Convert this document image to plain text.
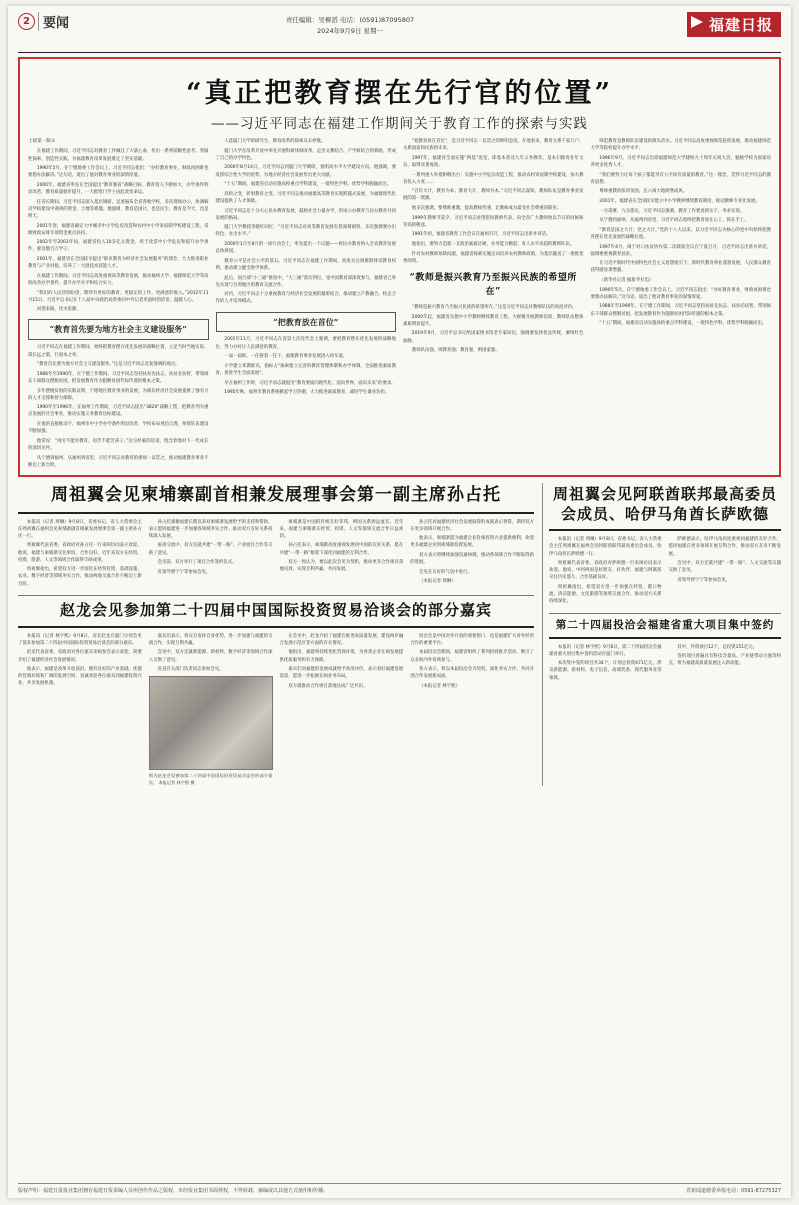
2	要闻	责任编辑：吴柳滔 电话：(0591)87095807
2024年9月9日 星期一	福建日报
“真正把教育摆在先行官的位置”
——习近平同志在福建工作期间关于教育工作的探索与实践
上接第一版①

在福建工作期间，习近平同志对教育工作倾注了大量心血，作出一系列前瞻性思考、突破性探索、创造性实践，为福建教育改革发展奠定了坚实基础。

1990年5月，在宁德地委工作会议上，习近平同志指出：“办好教育事业，财政再困难也要想办法解决。”这句话，道出了他对教育事业的深情厚爱。

2000年，福建省率先在全国提出“教育强省”战略目标，教育投入不断加大，办学条件明显改善，教育质量稳步提升，一大批寒门学子由此改变命运。

任省长期间，习近平同志深入基层调研，足迹遍布全省各地学校，多次现场办公，协调解决学校建设中遇到的资金、土地等难题。他强调，教育是国计，也是民生；教育是今天，也是明天。

2001年春，福建省确定大中城市中小学危房改造和农村中小学寄宿制学校建设工程，省级财政安排专项资金重点扶持。

2002年至2003年间，福建省投入10多亿元资金，用于改造中小学危房和提升办学条件，惠及数百万学子。

2001年，福建省在全国较早提出“职业教育为经济社会发展服务”的理念，大力推进职业教育与产业对接，培养了一大批技术技能人才。

在福建工作期间，习近平同志高度重视高等教育发展，推动福州大学、福建师范大学等高校改善办学条件，提升办学水平和综合实力。

“我们的人民热切盼望，期待有更好的教育、更稳定的工作、更满意的收入。”2012年11月15日，习近平总书记在十八届中央政治局常委同中外记者见面时的话语，温暖人心。

回望来路，饮水思源。

“教育首先要为地方社会主义建设服务”

习近平同志在福建工作期间，始终把教育摆在优先发展的战略位置，立足当时当地实际，谋长远之策，行固本之举。

“教育首先要为地方社会主义建设服务。”这是习近平同志反复强调的观点。

1988年至1990年，在宁德工作期间，习近平同志坚持扶贫先扶志、扶贫必扶智，带领闽东干部群众摆脱贫困，把发展教育作为阻断贫困代际传递的根本之策。

多年摆脱贫困的实践证明，宁德地区教育事业的发展，为闽东经济社会发展提供了强有力的人才支撑和智力保障。

1990年至1996年，在福州工作期间，习近平同志提出“3820”战略工程，把教育列为重点发展的社会事业，推动实施义务教育达标建设。

在他的直接推动下，福州市中小学办学条件明显改善，学校布局更趋合理，师资队伍建设不断加强。

他常说：“再穷不能穷教育，再苦不能苦孩子。”这句朴素的话语，饱含着他对下一代成长的深切关怀。

从宁德到福州，从福州到省里，习近平同志对教育的重视一以贯之，推动福建教育事业不断迈上新台阶。

人选厦门大学的研究生，教育改革的探索从未停歇。

厦门大学在改革开放中率先开展科研体制改革，走出文教结合、产学研结合的新路，形成了自己的办学特色。

2000年8月14日，习近平同志到厦门大学调研，指明高水平大学建设方向。他强调，要发挥综合性大学的优势，为地方经济社会发展作出更大贡献。

“十五”期间，福建省启动实施高校重点学科建设，一批特色学科、优势学科脱颖而出。

高校之变，折射教育之变。习近平同志推动福建高等教育实现跨越式发展，为福建现代化建设提供了人才保障。

习近平同志还十分关心民办教育发展，鼓励社会力量办学，形成公办教育与民办教育共同发展的格局。

厦门大学教授李晓红回忆：“习近平同志对高等教育发展有着深刻洞察，多次强调要办出特色、办出水平。”

2000年1月至8月的一场行动会上，率先提出一个议题——将民办教育纳入全省教育发展总体规划。

教育公平是社会公平的基石。习近平同志在福建工作期间，高度关注困难群体受教育权利，推动建立健全助学体系。

此后，国合部“小三通”推进中，“大三通”落实到位，受中国教育部深度参与，福建省已率先实现与台湾地区的教育交流合作。

对内，习近平同志十分重视教育与经济社会发展的紧密结合，推动建立产教融合、校企合作的人才培养模式。

“把教育放在首位”

2001年11月，习近平同志在省第七次党代会上强调，要把教育摆在优先发展的战略地位，努力办好让人民满意的教育。

一届一届抓，一任接着一任干，福建教育事业发展进入快车道。

小学建立邓教职员，指标占“探索建立完善的教育管理体制和办学体制，全面推进素质教育，促进学生全面发展”。

早在福州工作时，习近平同志就提出“教育要面向现代化、面向世界、面向未来”的要求。

1995年秋，福州市教育系统掀起学习热潮，大力推进素质教育，减轻学生课业负担。

“把教育放在首位”，是习近平同志一以贯之的鲜明态度。在他看来，教育关系千家万户，关系国家和民族的未来。

1997年，福建省全面实施“两基”攻坚，即基本普及九年义务教育、基本扫除青壮年文盲，取得显著成效。

一系列重大举措相继出台：实施中小学危房改造工程，推动农村寄宿制学校建设，加大教育投入力度……

“百年大计，教育为本；教育大计，教师为本。”习近平同志深知，教师队伍是教育事业发展的第一资源。

他多次强调，要尊师重教，提高教师待遇，让教师成为最受社会尊重的职业。

1999年教师节前夕，习近平同志看望慰问教师代表，向全省广大教师致以节日的问候和崇高的敬意。

1991年初，福建省教育工作会议在福州召开，习近平同志出席并讲话。

他指出，要努力造就一支政治素质过硬、业务能力精湛、育人水平高超的教师队伍。

针对农村教师短缺问题，福建省探索实施定向培养农村教师政策，为基层输送了一批批优秀师资。

“教师是振兴教育乃至振兴民族的希望所在”

“教师是振兴教育乃至振兴民族的希望所在。”这是习近平同志对教师队伍的高度评价。

2000年起，福建省实施中小学教师继续教育工程，大规模开展教师培训，教师队伍整体素质明显提升。

2019年9月，习近平总书记给国家图书馆老专家回信，强调要发扬优良传统，赓续红色血脉。

教师队伍强，则教育强；教育强，则国家强。

师范教育是教师队伍建设的源头活水。习近平同志高度重视师范院校发展，推动福建师范大学等院校提升办学水平。

1996年9月，习近平同志出席福建师范大学建校九十周年庆祝大会，勉励学校为国家培养更多优秀人才。

“我们要努力让每个孩子都能享有公平而有质量的教育。”这一理念，贯穿习近平同志的教育思想。

尊师重教的浓厚氛围，在八闽大地蔚然成风。

2001年，福建省在全国较早建立中小学教师继续教育制度，推动教师专业化发展。

一分部署，九分落实。习近平同志强调，教育工作要真抓实干，务求实效。

从宁德到福州，从福州到省里，习近平同志始终把教育放在心上、抓在手上。

“教育是国之大计、党之大计。”党的十八大以来，以习近平同志为核心的党中央始终把教育摆在优先发展的战略位置。

1997年4月，闽宁对口扶贫协作第二次联席会议在宁夏召开，习近平同志出席并讲话，强调要重视教育扶贫。

在习近平新时代中国特色社会主义思想指引下，新时代教育事业蓬勃发展，人民群众教育获得感显著增强。

（新华社记者 据新华社电）

1990年5月，在宁德地委工作会议上，习近平同志指出：“办好教育事业，财政再困难也要想办法解决。”这句话，道出了他对教育事业的深情厚爱。

1988年至1990年，在宁德工作期间，习近平同志坚持扶贫先扶志、扶贫必扶智，带领闽东干部群众摆脱贫困，把发展教育作为阻断贫困代际传递的根本之策。

“十五”期间，福建省启动实施高校重点学科建设，一批特色学科、优势学科脱颖而出。

周祖翼会见柬埔寨副首相兼发展理事会第一副主席孙占托

本报讯（记者 周琳）9月8日，省委书记、省人大常委会主任周祖翼在福州会见柬埔寨副首相兼发展理事会第一副主席孙占托一行。

周祖翼代表省委、省政府对孙占托一行来闽访问表示欢迎。他说，福建与柬埔寨交往密切、合作良好，近年来双方在经贸、投资、旅游、人文等领域合作取得丰硕成果。

周祖翼指出，希望双方进一步深化在经贸投资、基础设施、农业、数字经济等领域务实合作，推动两地交流合作不断迈上新台阶。

孙占托感谢福建长期以来对柬埔寨发展给予的支持和帮助，表示愿同福建进一步加强各领域务实合作，推动双方友好关系持续深入发展。

座谈交流中，双方还就共建“一带一路”、产业园区合作等交换了意见。

会见前，双方举行了项目合作签约仪式。

省领导郭宁宁等参加会见。

柬埔寨是中国的传统友好邻邦，两国关系源远流长。近年来，福建与柬埔寨在经贸、投资、人文等领域交流合作日益密切。

孙占托表示，柬埔寨高度重视发展同中国的友好关系，愿在共建“一带一路”框架下深化同福建的互利合作。

双方一致认为，要以此次会见为契机，推动更多合作项目落地见效，实现互利共赢、共同发展。

孙占托对福建经济社会发展取得的成就表示赞赏，期待双方在更多领域开展合作。

他表示，柬埔寨愿为福建企业赴柬投资兴业提供便利，欢迎更多福建企业到柬埔寨投资发展。

双方表示将继续加强沟通协调，推动各领域合作不断取得新的进展。

会见在友好的气氛中进行。

（本报记者 周琳）

赵龙会见参加第二十四届中国国际投资贸易洽谈会的部分嘉宾

本报讯（记者 林宇熙）9月8日，省长赵龙在厦门分别会见了前来参加第二十四届中国国际投资贸易洽谈会的部分嘉宾。

赵龙代表省委、省政府对各位嘉宾来闽参会表示欢迎，简要介绍了福建经济社会发展情况。

他表示，福建是改革开放前沿，拥有良好的产业基础、优越的营商环境和广阔的发展空间，真诚欢迎各位嘉宾到福建投资兴业，共享发展机遇。

嘉宾们表示，将充分发挥自身优势，进一步加强与福建的交流合作，实现互利共赢。

会见中，双方还就新能源、新材料、数字经济等领域合作深入交换了意见。

省直有关部门负责同志参加会见。

图为赵龙会见参加第二十四届中国国际投资贸易洽谈会的部分嘉宾。 本报记者 林宇熙 摄

在会见中，赵龙介绍了福建在推进高质量发展、建设两岸融合发展示范区等方面的有关情况。

他指出，福建将持续优化营商环境，为各类企业在闽发展提供优质服务和有力保障。

嘉宾们对福建的发展成就给予高度评价，表示看好福建发展前景，愿进一步拓展在闽业务布局。

双方就推动合作项目落地达成广泛共识。

投洽会是中国对外开放的重要窗口，也是福建扩大对外经贸合作的重要平台。

本届投洽会期间，福建省组织了系列招商推介活动，吸引了众多海内外客商参与。

各方表示，将以本届投洽会为契机，深化务实合作，共同开创合作发展新局面。

（本报记者 林宇熙）

周祖翼会见阿联酋联邦最高委员会成员、哈伊马角酋长萨欧德

本报讯（记者 周琳）9月8日，省委书记、省人大常委会主任周祖翼在福州会见阿联酋联邦最高委员会成员、哈伊马角酋长萨欧德一行。

周祖翼代表省委、省政府对萨欧德一行来闽访问表示欢迎。他说，中阿两国是好朋友、好伙伴，福建与阿联酋交往历史悠久、合作基础良好。

周祖翼指出，希望双方进一步加强在经贸、港口物流、清洁能源、文化旅游等领域交流合作，推动双方关系持续深化。

萨欧德表示，哈伊马角高度重视同福建的友好合作，愿同福建在更多领域开展互利合作，推动双方友谊不断发展。

会见中，双方还就共建“一带一路”、人文交流等议题交换了意见。

省领导郭宁宁等参加会见。

第二十四届投洽会福建省重大项目集中签约

本报讯（记者 林宇熙）9月8日，第二十四届投洽会福建省重大项目集中签约活动在厦门举行。

本次集中签约项目共34个，计划总投资471亿元，涉及新能源、新材料、电子信息、高端装备、现代服务业等领域。

其中，外资项目12个，总投资151亿元。

签约项目普遍具有科技含量高、产业链带动力强等特点，将为福建高质量发展注入新动能。

版权声明：福建日报报业集团拥有福建日报采编人员所创作作品之版权，未经报业集团书面授权，不得转载、摘编或以其他方式使用和传播。	省新闻道德委举报电话：0591-87275327
